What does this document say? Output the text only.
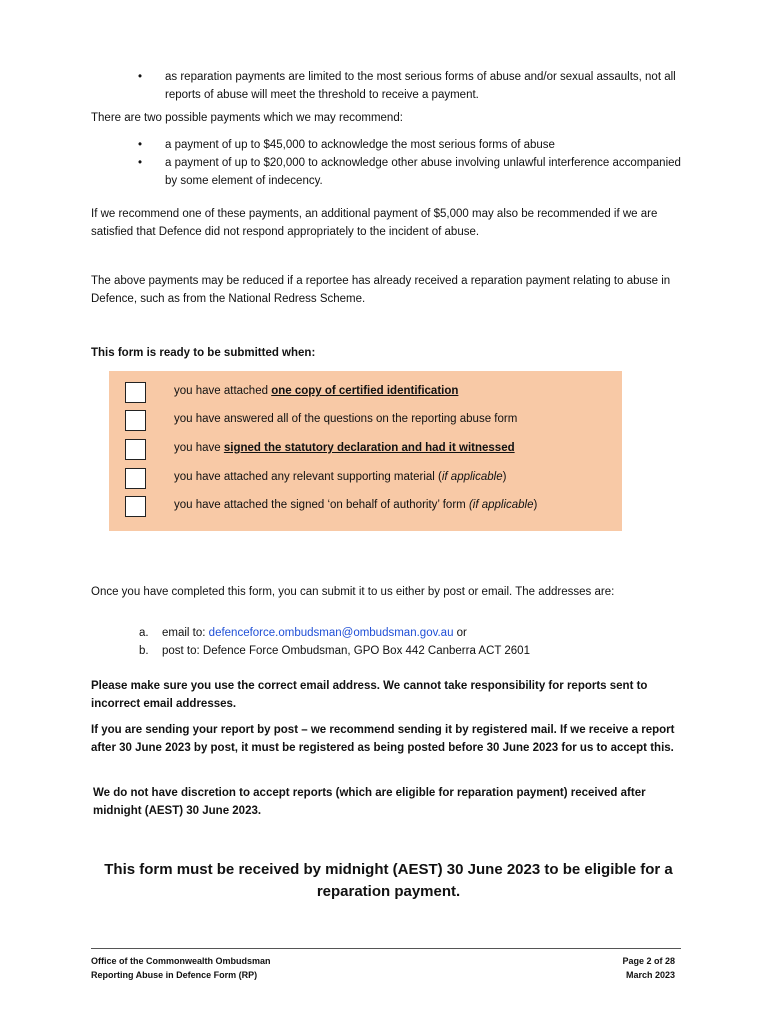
• as reparation payments are limited to the most serious forms of abuse and/or sexual assaults, not all reports of abuse will meet the threshold to receive a payment.
There are two possible payments which we may recommend:
• a payment of up to $45,000 to acknowledge the most serious forms of abuse
• a payment of up to $20,000 to acknowledge other abuse involving unlawful interference accompanied by some element of indecency.
If we recommend one of these payments, an additional payment of $5,000 may also be recommended if we are satisfied that Defence did not respond appropriately to the incident of abuse.
The above payments may be reduced if a reportee has already received a reparation payment relating to abuse in Defence, such as from the National Redress Scheme.
This form is ready to be submitted when:
you have attached one copy of certified identification
you have answered all of the questions on the reporting abuse form
you have signed the statutory declaration and had it witnessed
you have attached any relevant supporting material (if applicable)
you have attached the signed ‘on behalf of authority’ form (if applicable)
Once you have completed this form, you can submit it to us either by post or email. The addresses are:
a. email to: defenceforce.ombudsman@ombudsman.gov.au or
b. post to: Defence Force Ombudsman, GPO Box 442 Canberra ACT 2601
Please make sure you use the correct email address. We cannot take responsibility for reports sent to incorrect email addresses.
If you are sending your report by post – we recommend sending it by registered mail. If we receive a report after 30 June 2023 by post, it must be registered as being posted before 30 June 2023 for us to accept this.
We do not have discretion to accept reports (which are eligible for reparation payment) received after midnight (AEST) 30 June 2023.
This form must be received by midnight (AEST) 30 June 2023 to be eligible for a reparation payment.
Office of the Commonwealth Ombudsman
Reporting Abuse in Defence Form (RP)
Page 2 of 28
March 2023
